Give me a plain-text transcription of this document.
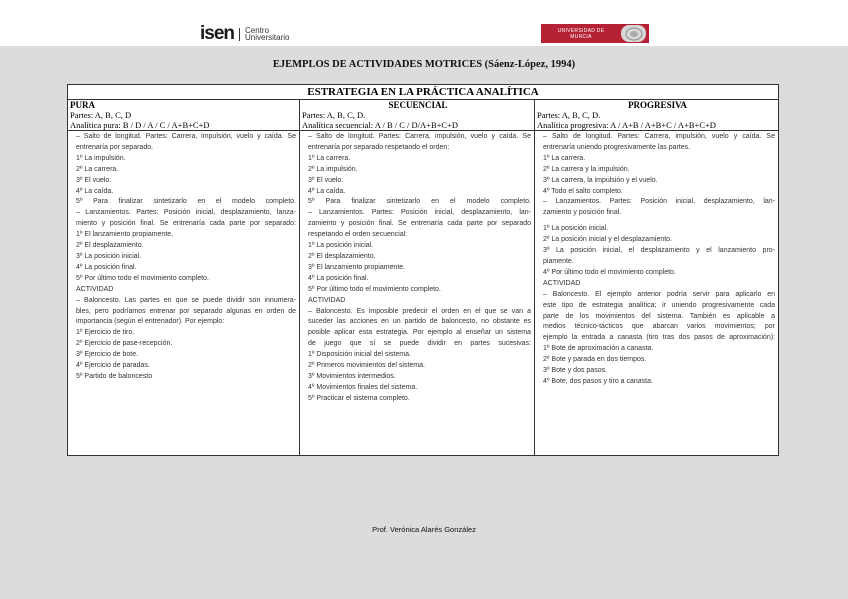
isen Centro
Universitario
UNIVERSIDAD DE
MURCIA
EJEMPLOS DE ACTIVIDADES MOTRICES (Sáenz-López, 1994)
ESTRATEGIA EN LA PRÁCTICA ANALÍTICA
PURA
Partes: A, B, C, D
Analítica pura: B / D / A / C / A+B+C+D
– Salto de longitud. Partes: Carrera, impulsión, vuelo y caída. Se
entrenaría por separado.
1º La impulsión.
2º La carrera.
3º El vuelo.
4º La caída.
5º Para finalizar sintetizarlo en el modelo completo.
– Lanzamientos. Partes: Posición inicial, desplazamiento, lanza-
miento y posición final. Se entrenaría cada parte por separado:
1º El lanzamiento propiamente,
2º El desplazamiento.
3º La posición inicial.
4º La posición final.
5º Por último todo el movimiento completo.
ACTIVIDAD
– Baloncesto. Las partes en que se puede dividir son innumera-
bles, pero podríamos entrenar por separado algunas en orden de
importancia (según el entrenador). Por ejemplo:
1º Ejercicio de tiro.
2º Ejercicio de pase-recepción.
3º Ejercicio de bote.
4º Ejercicio de paradas.
5º Partido de baloncesto
SECUENCIAL
Partes: A, B, C, D.
Analítica secuencial: A / B / C / D/A+B+C+D
– Salto de longitud. Partes: Carrera, impulsión, vuelo y caída. Se
entrenaría por separado respetando el orden:
1º La carrera.
2º La impulsión.
3º El vuelo.
4º La caída.
5º Para finalizar sintetizarlo en el modelo completo.
– Lanzamientos. Partes: Posición inicial, desplazamiento, lan-
zamiento y posición final. Se entrenaría cada parte por separado
respetando el orden secuencial:
1º La posición inicial.
2º El desplazamiento.
3º El lanzamiento propiamente.
4º La posición final.
5º Por último todo el movimiento completo.
ACTIVIDAD
– Baloncesto. Es imposible predecir el orden en el que se van a
suceder las acciones en un partido de baloncesto, no obstante es
posible aplicar esta estrategia. Por ejemplo al enseñar un sistema
de juego que sí se puede dividir en partes sucesivas:
1º Disposición inicial del sistema.
2º Primeros movimientos del sistema.
3º Movimientos intermedios.
4º Movimientos finales del sistema.
5º Practicar el sistema completo.
PROGRESIVA
Partes: A, B, C, D.
Analítica progresiva: A / A+B / A+B+C / A+B+C+D
– Salto de longitud. Partes: Carrera, impulsión, vuelo y caída. Se
entrenaría uniendo progresivamente las partes.
1º La carrera.
2º La carrera y la impulsión.
3º La carrera, la impulsión y el vuelo.
4º Todo el salto completo.
– Lanzamientos. Partes: Posición inicial, desplazamiento, lan-
zamiento y posición final.
1º La posición inicial.
2º La posición inicial y el desplazamiento.
3º La posición inicial, el desplazamiento y el lanzamiento pro-
piamente.
4º Por último todo el movimiento completo.
ACTIVIDAD
– Baloncesto. El ejemplo anterior podría servir para aplicarlo en
este tipo de estrategia analítica; ir uniendo progresivamente cada
parte de los movimientos del sistema. También es aplicable a
medios técnico-tácticos que abarcan varios movimientos; por
ejemplo la entrada a canasta (tiro tras dos pasos de aproximación):
1º Bote de aproximación a canasta.
2º Bote y parada en dos tiempos.
3º Bote y dos pasos.
4º Bote, dos pasos y tiro a canasta.
Prof. Verónica Alarés González
